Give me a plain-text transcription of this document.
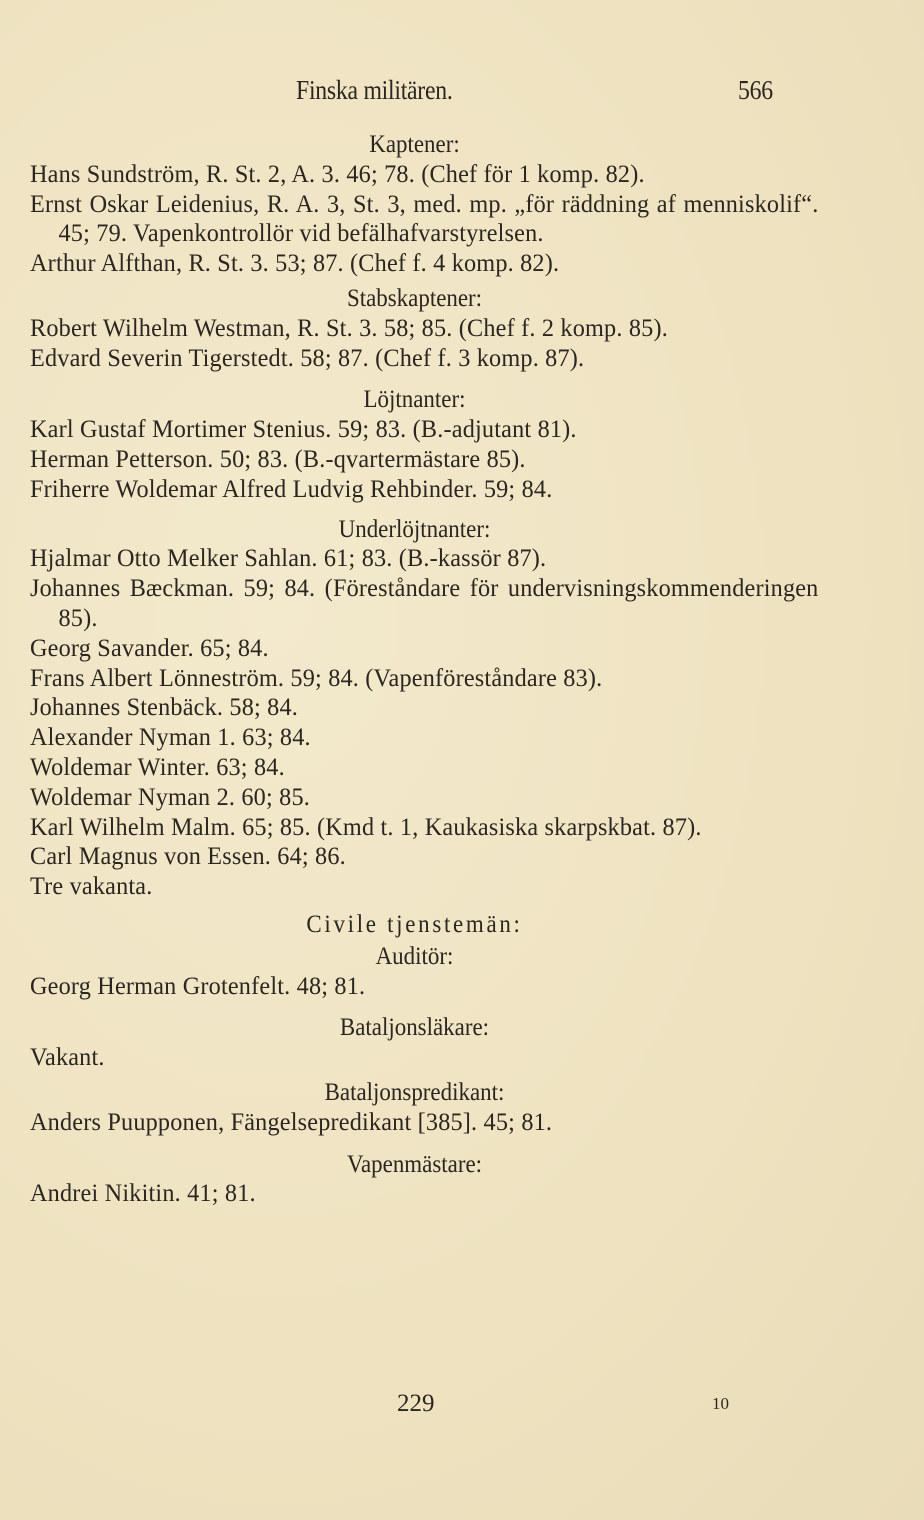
Finska militären.	566
Kaptener:
Hans Sundström, R. St. 2, A. 3. 46; 78. (Chef för 1 komp. 82).
Ernst Oskar Leidenius, R. A. 3, St. 3, med. mp. „för räddning af menniskolif“. 45; 79. Vapenkontrollör vid befälhafvarstyrelsen.
Arthur Alfthan, R. St. 3. 53; 87. (Chef f. 4 komp. 82).
Stabskaptener:
Robert Wilhelm Westman, R. St. 3. 58; 85. (Chef f. 2 komp. 85).
Edvard Severin Tigerstedt. 58; 87. (Chef f. 3 komp. 87).
Löjtnanter:
Karl Gustaf Mortimer Stenius. 59; 83. (B.-adjutant 81).
Herman Petterson. 50; 83. (B.-qvartermästare 85).
Friherre Woldemar Alfred Ludvig Rehbinder. 59; 84.
Underlöjtnanter:
Hjalmar Otto Melker Sahlan. 61; 83. (B.-kassör 87).
Johannes Bæckman. 59; 84. (Föreståndare för undervisningskommenderingen 85).
Georg Savander. 65; 84.
Frans Albert Lönneström. 59; 84. (Vapenföreståndare 83).
Johannes Stenbäck. 58; 84.
Alexander Nyman 1. 63; 84.
Woldemar Winter. 63; 84.
Woldemar Nyman 2. 60; 85.
Karl Wilhelm Malm. 65; 85. (Kmd t. 1, Kaukasiska skarpskbat. 87).
Carl Magnus von Essen. 64; 86.
Tre vakanta.
Civile tjenstemän:
Auditör:
Georg Herman Grotenfelt. 48; 81.
Bataljonsläkare:
Vakant.
Bataljonspredikant:
Anders Puupponen, Fängelsepredikant [385]. 45; 81.
Vapenmästare:
Andrei Nikitin. 41; 81.
229	10
